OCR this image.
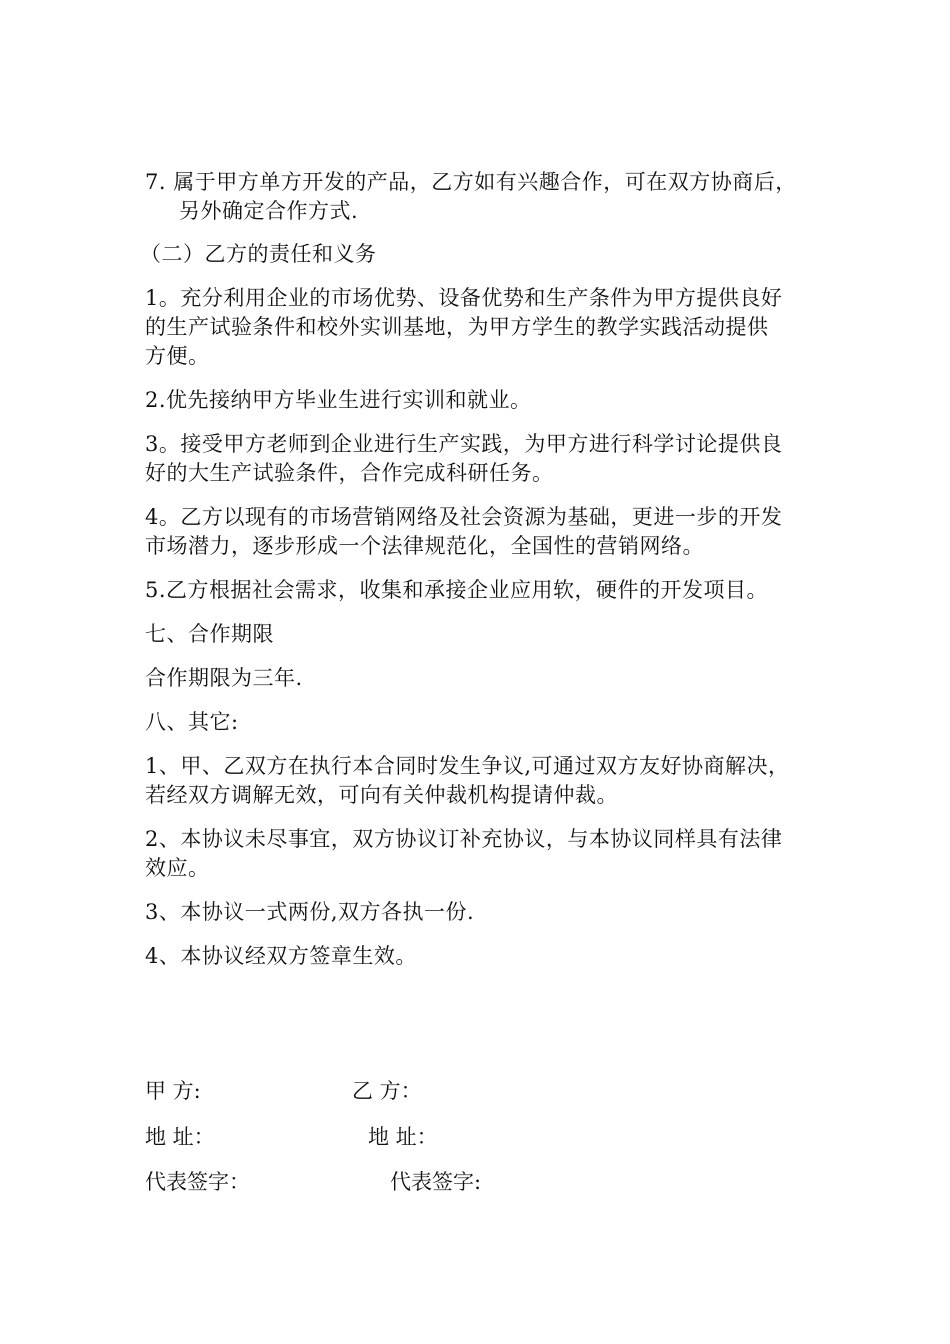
7. 属于甲方单方开发的产品，乙方如有兴趣合作，可在双方协商后，
另外确定合作方式.
（二）乙方的责任和义务
1。充分利用企业的市场优势、设备优势和生产条件为甲方提供良好
的生产试验条件和校外实训基地，为甲方学生的教学实践活动提供
方便。
2.优先接纳甲方毕业生进行实训和就业。
3。接受甲方老师到企业进行生产实践，为甲方进行科学讨论提供良
好的大生产试验条件，合作完成科研任务。
4。乙方以现有的市场营销网络及社会资源为基础，更进一步的开发
市场潜力，逐步形成一个法律规范化，全国性的营销网络。
5.乙方根据社会需求，收集和承接企业应用软，硬件的开发项目。
七、合作期限
合作期限为三年.
八、其它:
1、甲、乙双方在执行本合同时发生争议,可通过双方友好协商解决，
若经双方调解无效，可向有关仲裁机构提请仲裁。
2、本协议未尽事宜，双方协议订补充协议，与本协议同样具有法律
效应。
3、本协议一式两份,双方各执一份.
4、本协议经双方签章生效。
甲 方:	乙 方：
地 址：	地 址：
代表签字：	代表签字:
